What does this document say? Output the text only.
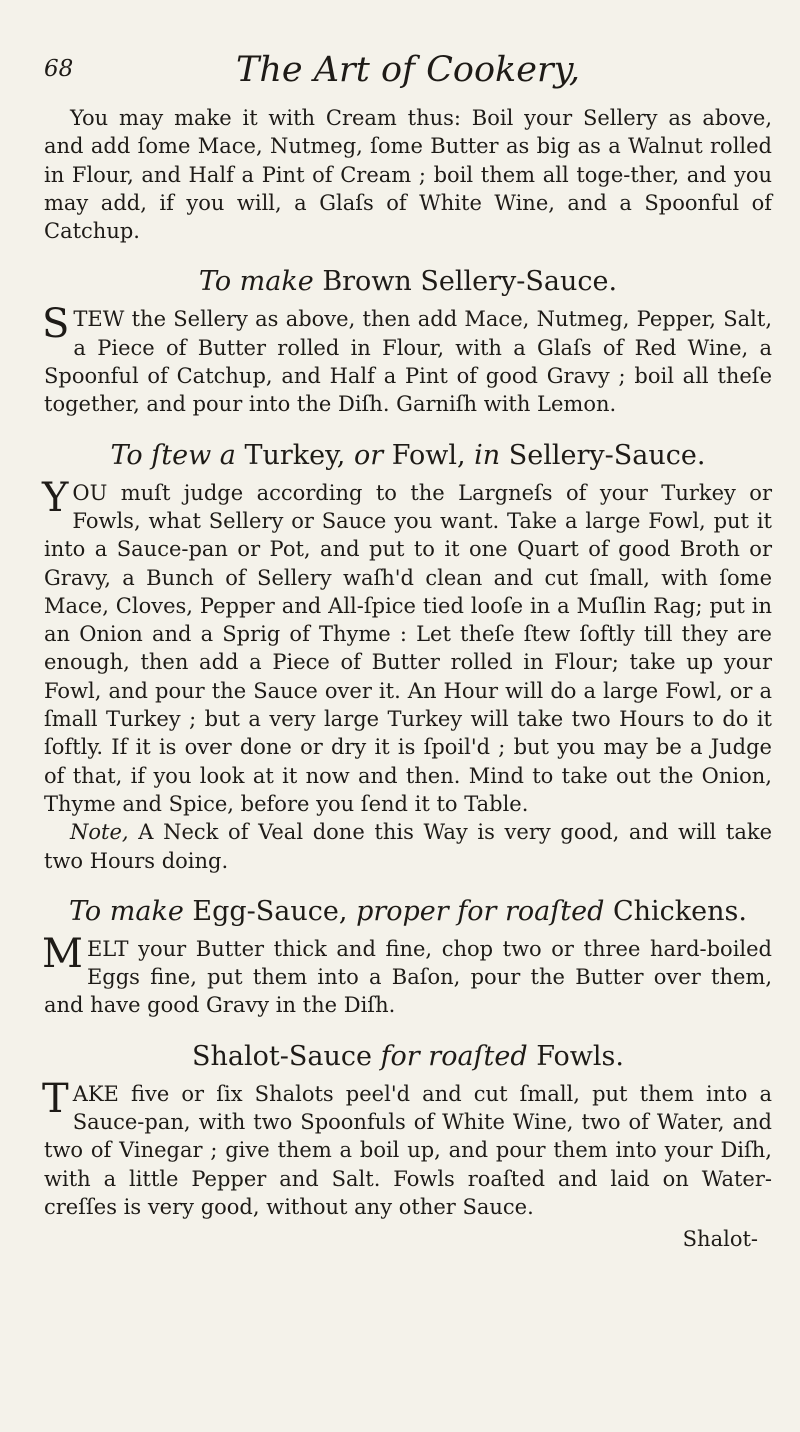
68	The Art of Cookery,

You may make it with Cream thus: Boil your Sellery as above, and add ſome Mace, Nutmeg, ſome Butter as big as a Walnut rolled in Flour, and Half a Pint of Cream ; boil them all toge-ther, and you may add, if you will, a Glaſs of White Wine, and a Spoonful of Catchup.

To make Brown Sellery-Sauce.

STEW the Sellery as above, then add Mace, Nutmeg, Pepper, Salt, a Piece of Butter rolled in Flour, with a Glaſs of Red Wine, a Spoonful of Catchup, and Half a Pint of good Gravy ; boil all theſe together, and pour into the Diſh. Garniſh with Lemon.

To ſtew a Turkey, or Fowl, in Sellery-Sauce.

YOU muſt judge according to the Largneſs of your Turkey or Fowls, what Sellery or Sauce you want. Take a large Fowl, put it into a Sauce-pan or Pot, and put to it one Quart of good Broth or Gravy, a Bunch of Sellery waſh'd clean and cut ſmall, with ſome Mace, Cloves, Pepper and All-ſpice tied looſe in a Muſlin Rag; put in an Onion and a Sprig of Thyme : Let theſe ſtew ſoftly till they are enough, then add a Piece of Butter rolled in Flour; take up your Fowl, and pour the Sauce over it. An Hour will do a large Fowl, or a ſmall Turkey ; but a very large Turkey will take two Hours to do it ſoftly. If it is over done or dry it is ſpoil'd ; but you may be a Judge of that, if you look at it now and then. Mind to take out the Onion, Thyme and Spice, before you ſend it to Table.

Note, A Neck of Veal done this Way is very good, and will take two Hours doing.

To make Egg-Sauce, proper for roaſted Chickens.

MELT your Butter thick and fine, chop two or three hard-boiled Eggs fine, put them into a Baſon, pour the Butter over them, and have good Gravy in the Diſh.

Shalot-Sauce for roaſted Fowls.

TAKE five or ſix Shalots peel'd and cut ſmall, put them into a Sauce-pan, with two Spoonfuls of White Wine, two of Water, and two of Vinegar ; give them a boil up, and pour them into your Diſh, with a little Pepper and Salt. Fowls roaſted and laid on Water-creſſes is very good, without any other Sauce.

Shalot-
